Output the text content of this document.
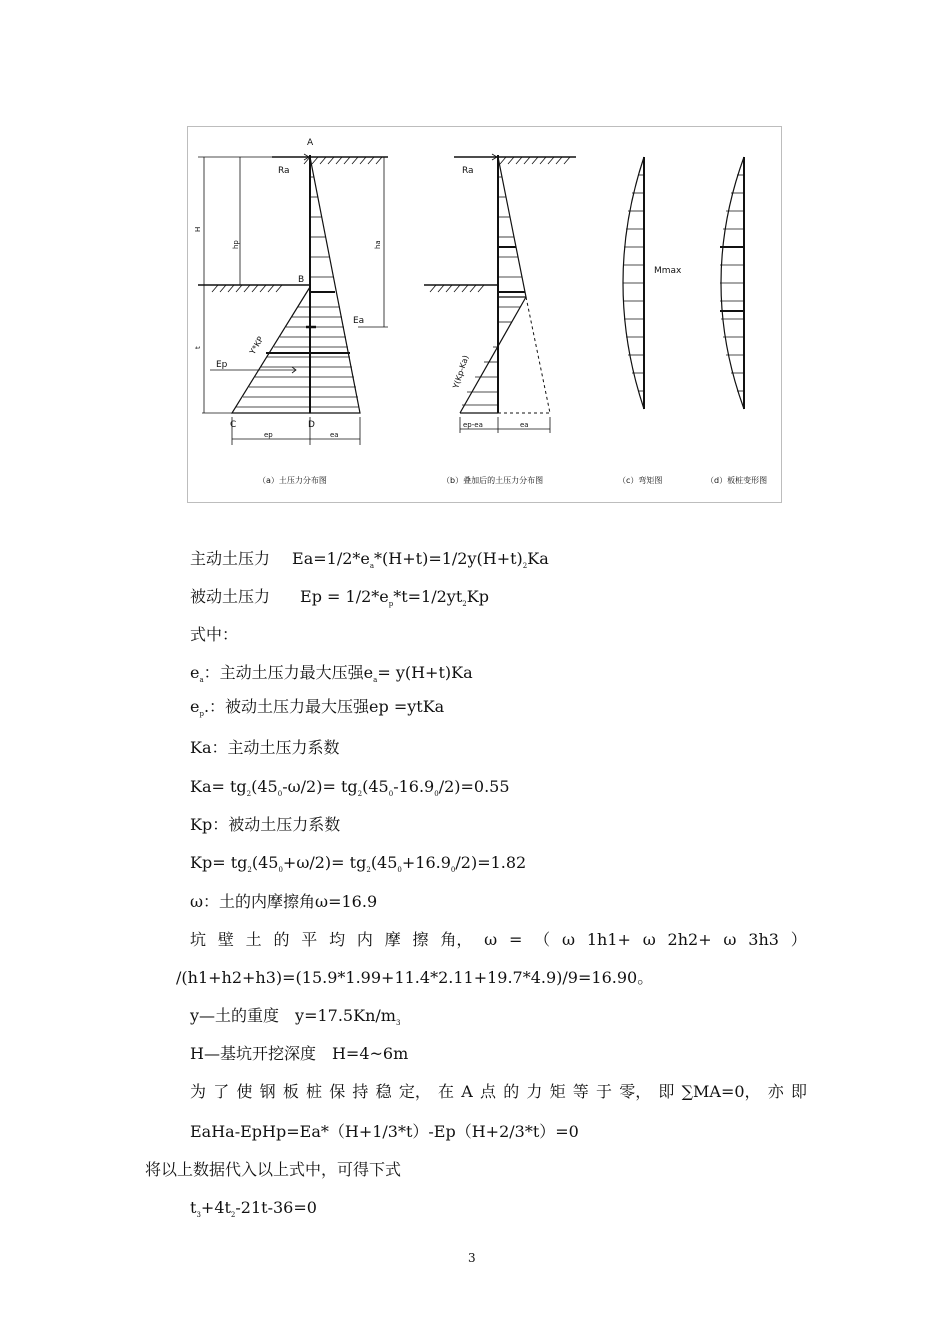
A
Ra
H
hp	ha
t
B
Ea
Ep
Y*KP
C	D
ep	ea
Ra
Y(Kp-Ka)
ep-ea	ea
Mmax
（a）土压力分布图	（b）叠加后的土压力分布图	（c）弯矩图	（d）板桩变形图
主动土压力 $Ea=1/2*e_a*(H+t)=1/2y(H+t)_2Ka$
被动土压力 $Ep = 1/2*e_p*t=1/2yt_2Kp$
式中：
$e_a$：主动土压力最大压强$e_a= y(H+t)Ka$
$e_p$.：被动土压力最大压强ep =ytKa
Ka：主动土压力系数
$Ka= tg_2(45_0-\omega/2)= tg_2(45_0-16.9_0/2)=0.55$
Kp：被动土压力系数
$Kp= tg_2(45_0+\omega/2)= tg_2(45_0+16.9_0/2)=1.82$
ω：土的内摩擦角ω=16.9
坑 壁 土 的 平 均 内 摩 擦 角， ω = （ ω 1h1+ ω 2h2+ ω 3h3 ）
/(h1+h2+h3)=(15.9*1.99+11.4*2.11+19.7*4.9)/9=16.90。
y—土的重度　$y=17.5Kn/m_3$
H—基坑开挖深度　H=4~6m
为 了 使 钢 板 桩 保 持 稳 定， 在 A 点 的 力 矩 等 于 零， 即 ∑MA=0， 亦 即
EaHa-EpHp=Ea*（H+1/3*t）-Ep（H+2/3*t）=0
将以上数据代入以上式中，可得下式
$t_3+4t_2-21t-36=0$
3
